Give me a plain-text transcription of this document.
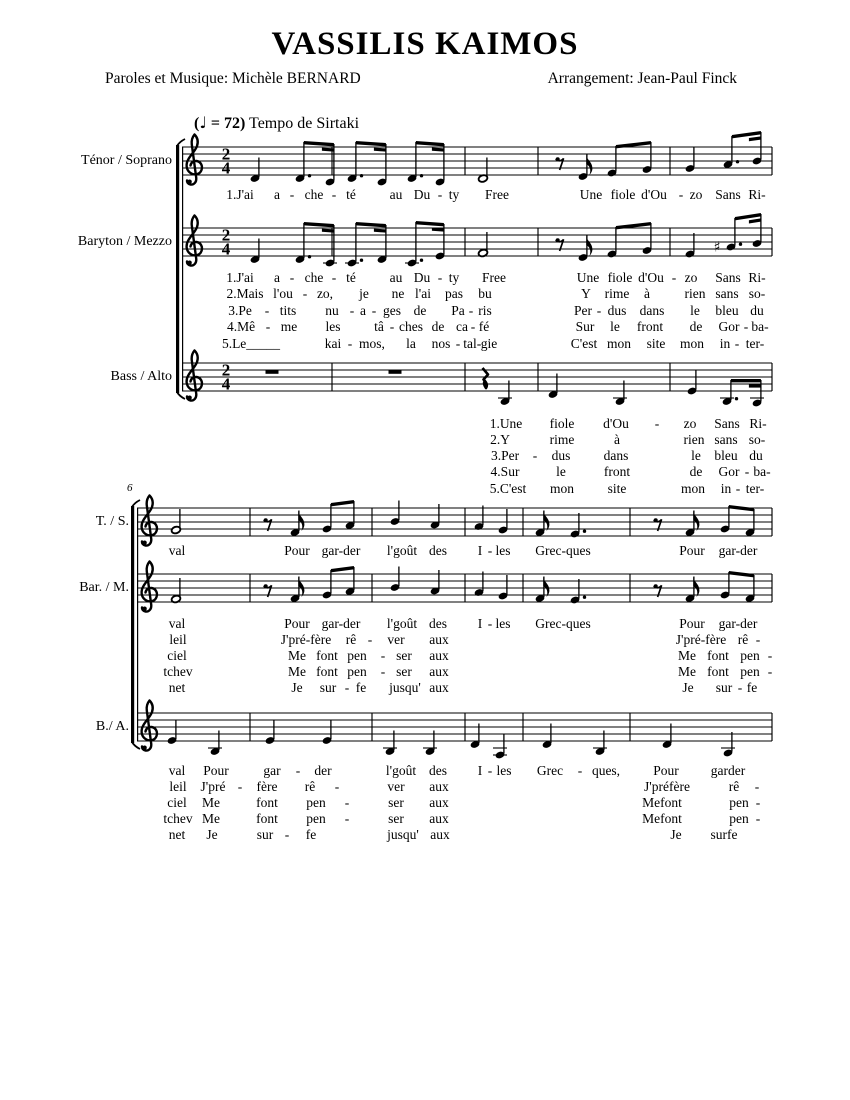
VASSILIS KAIMOS
Paroles et Musique: Michèle BERNARD	Arrangement: Jean-Paul Finck
(♩ = 72) Tempo de Sirtaki
2
4
2
4	♯
2
4
Ténor / Soprano
1.J'ai a - che - té	au Du - ty Free	Une fiole d'Ou - zo Sans Ri-
Baryton / Mezzo
1.J'ai a - che - té	au Du - ty Free	Une fiole d'Ou - zo Sans Ri-
2.Mais l'ou - zo, je ne l'ai pas bu	Y rime à	rien sans so-
3.Pe - tits nu - a - ges de Pa - ris	Per - dus dans le bleu du
4.Mê - me les tâ - ches de ca - fé	Sur le front de Gor - ba-
5.Le_____	kai - mos, la nos - tal - gie	C'est mon site mon in - ter-
Bass / Alto
1.Une fiole d'Ou - zo Sans Ri-
2.Y	rime	à	rien sans so-
3.Per - dus dans	le bleu du
4.Sur	le	front	de Gor - ba-
5.C'est mon site	mon in - ter-
6
T. / S.
val	Pour gar-der l'goût des I - les Grec-ques	Pour gar-der
Bar. / M.
val	Pour gar-der l'goût des I - les Grec-ques	Pour gar-der
leil	J'pré-fère rê - ver aux	J'pré-fère rê -
ciel	Me font pen - ser aux	Me font pen -
tchev	Me font pen - ser aux	Me font pen -
net	Je sur - fe jusqu' aux	Je sur - fe
B./ A.
val Pour	gar - der	l'goût des I - les Grec - ques, Pour garder
leil J'pré - fère rê -	ver aux	J'préfère	rê -
ciel Me	font pen -	ser aux	Mefont	pen -
tchev Me	font pen -	ser aux	Mefont	pen -
net Je	sur - fe	jusqu' aux	Je surfe
